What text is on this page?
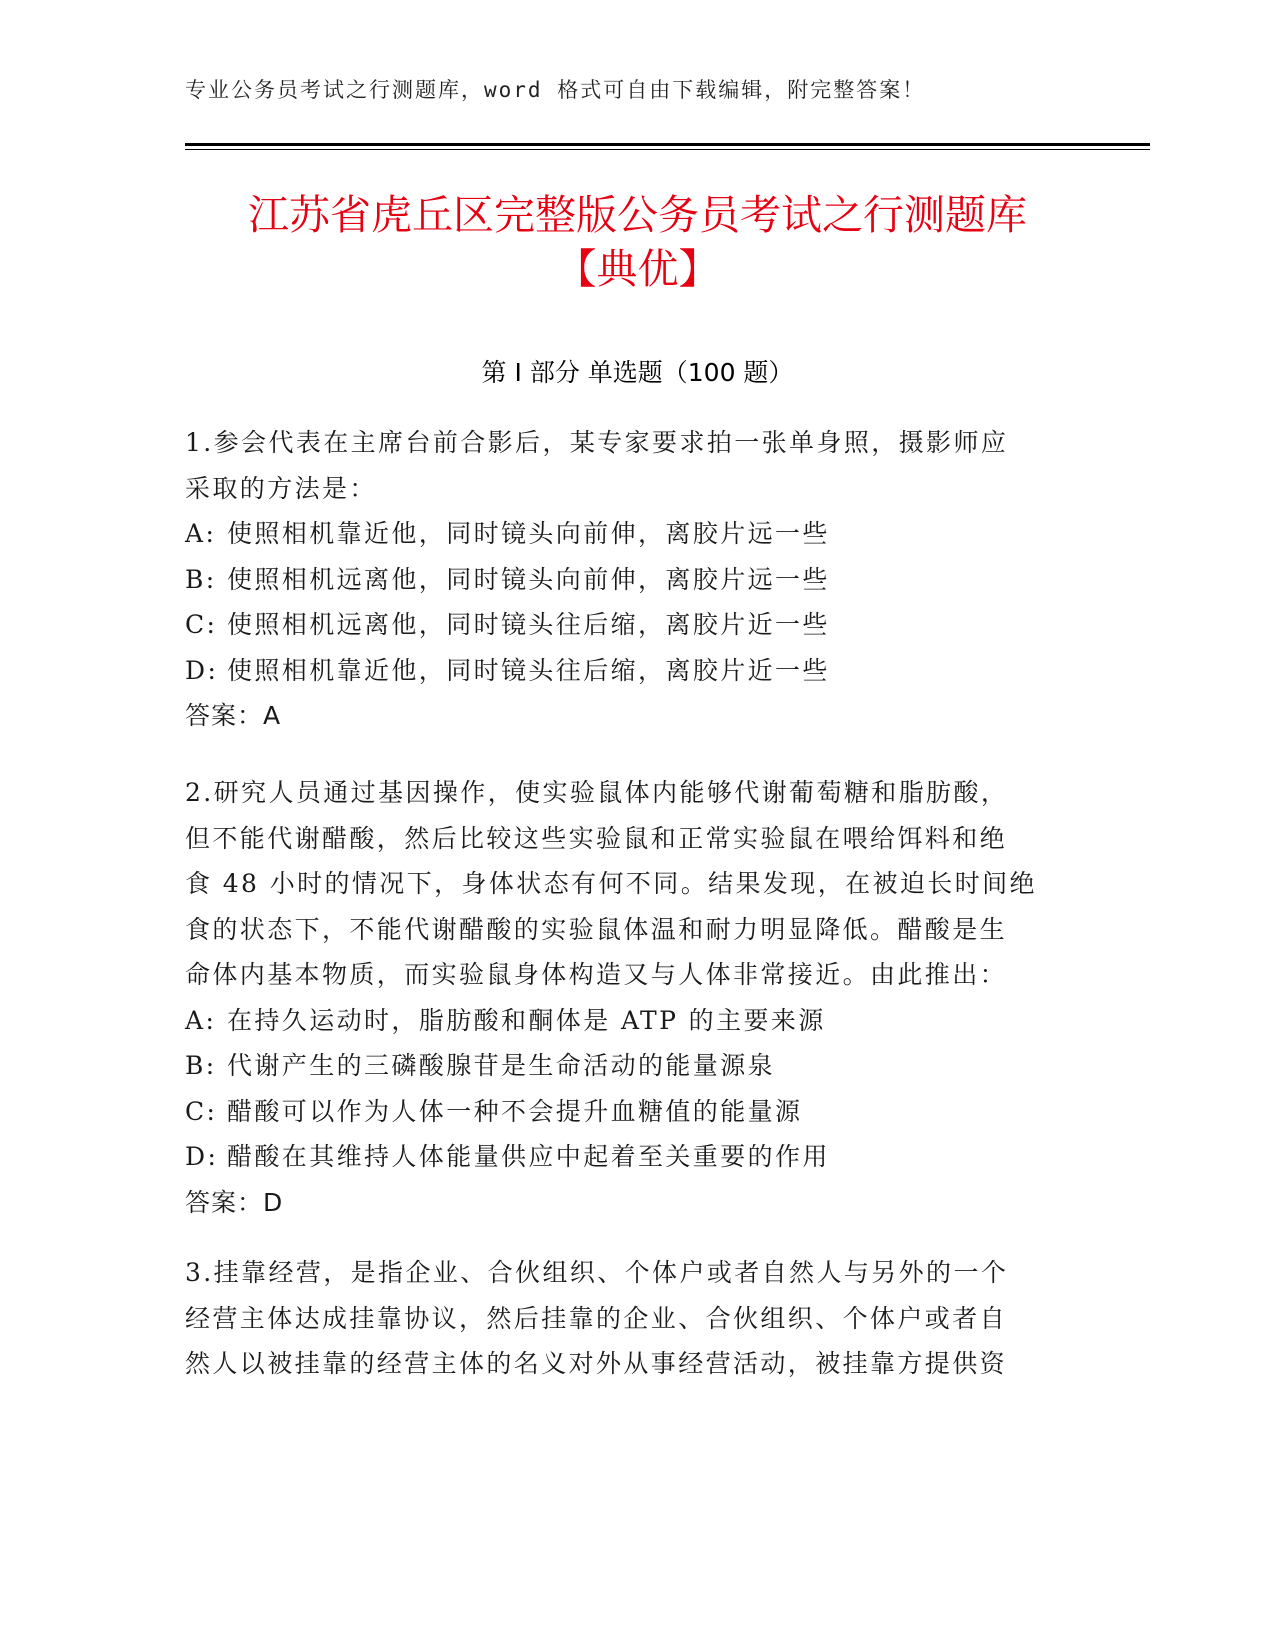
专业公务员考试之行测题库，word 格式可自由下载编辑，附完整答案！
江苏省虎丘区完整版公务员考试之行测题库
【典优】
第 I 部分 单选题（100 题）
1.参会代表在主席台前合影后，某专家要求拍一张单身照，摄影师应
采取的方法是：
A: 使照相机靠近他，同时镜头向前伸，离胶片远一些
B: 使照相机远离他，同时镜头向前伸，离胶片远一些
C: 使照相机远离他，同时镜头往后缩，离胶片近一些
D: 使照相机靠近他，同时镜头往后缩，离胶片近一些
答案：A
2.研究人员通过基因操作，使实验鼠体内能够代谢葡萄糖和脂肪酸，
但不能代谢醋酸，然后比较这些实验鼠和正常实验鼠在喂给饵料和绝
食 48 小时的情况下，身体状态有何不同。结果发现，在被迫长时间绝
食的状态下，不能代谢醋酸的实验鼠体温和耐力明显降低。醋酸是生
命体内基本物质，而实验鼠身体构造又与人体非常接近。由此推出：
A: 在持久运动时，脂肪酸和酮体是 ATP 的主要来源
B: 代谢产生的三磷酸腺苷是生命活动的能量源泉
C: 醋酸可以作为人体一种不会提升血糖值的能量源
D: 醋酸在其维持人体能量供应中起着至关重要的作用
答案：D
3.挂靠经营，是指企业、合伙组织、个体户或者自然人与另外的一个
经营主体达成挂靠协议，然后挂靠的企业、合伙组织、个体户或者自
然人以被挂靠的经营主体的名义对外从事经营活动，被挂靠方提供资
